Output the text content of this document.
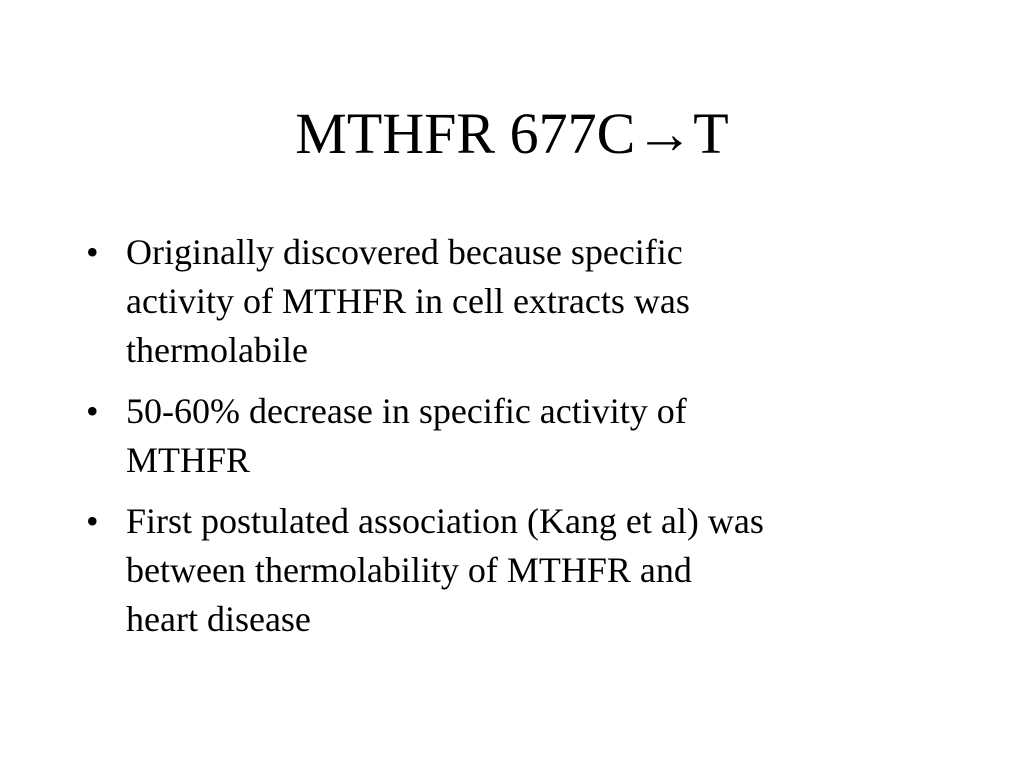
MTHFR 677C→T
• Originally discovered because specific
activity of MTHFR in cell extracts was
thermolabile
• 50-60% decrease in specific activity of
MTHFR
• First postulated association (Kang et al) was
between thermolability of MTHFR and
heart disease
